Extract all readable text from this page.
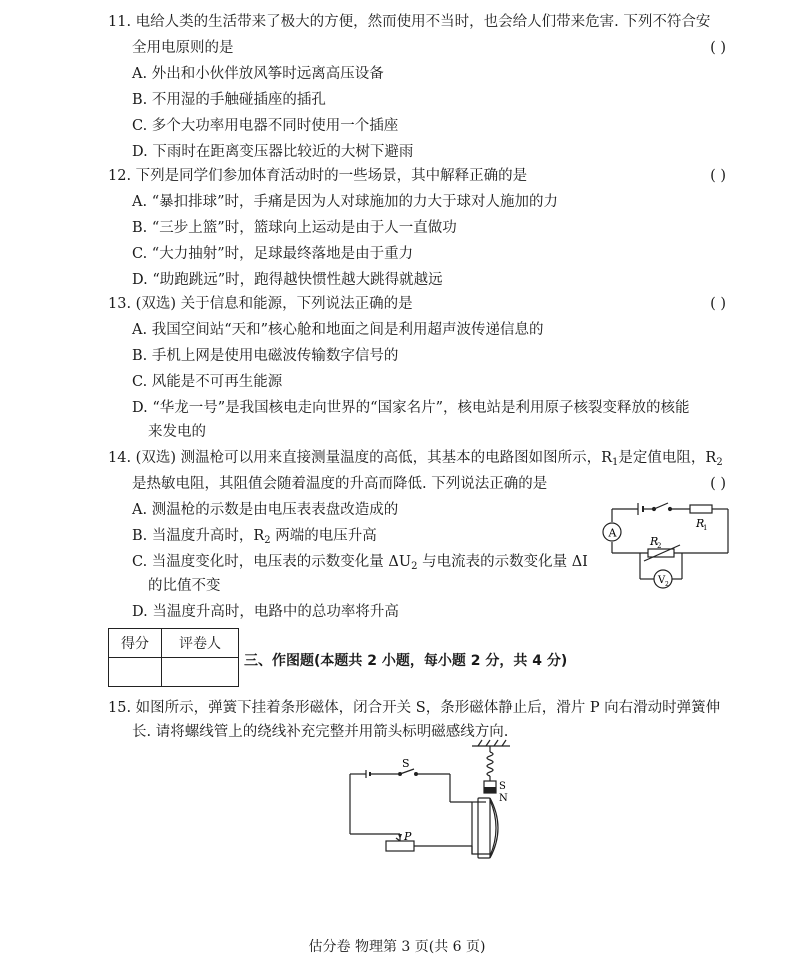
11. 电给人类的生活带来了极大的方便，然而使用不当时，也会给人们带来危害. 下列不符合安
全用电原则的是	( )
A. 外出和小伙伴放风筝时远离高压设备
B. 不用湿的手触碰插座的插孔
C. 多个大功率用电器不同时使用一个插座
D. 下雨时在距离变压器比较近的大树下避雨
12. 下列是同学们参加体育活动时的一些场景，其中解释正确的是	( )
A. “暴扣排球”时，手痛是因为人对球施加的力大于球对人施加的力
B. “三步上篮”时，篮球向上运动是由于人一直做功
C. “大力抽射”时，足球最终落地是由于重力
D. “助跑跳远”时，跑得越快惯性越大跳得就越远
13. (双选) 关于信息和能源，下列说法正确的是	( )
A. 我国空间站“天和”核心舱和地面之间是利用超声波传递信息的
B. 手机上网是使用电磁波传输数字信号的
C. 风能是不可再生能源
D. “华龙一号”是我国核电走向世界的“国家名片”，核电站是利用原子核裂变释放的核能
来发电的
14. (双选) 测温枪可以用来直接测量温度的高低，其基本的电路图如图所示，$R_1$是定值电阻，$R_2$
是热敏电阻，其阻值会随着温度的升高而降低. 下列说法正确的是	( )
A. 测温枪的示数是由电压表表盘改造成的
B. 当温度升高时，$R_2$ 两端的电压升高
C. 当温度变化时，电压表的示数变化量 $\Delta U_2$ 与电流表的示数变化量 ΔI
的比值不变
D. 当温度升高时，电路中的总功率将升高
A
V 2
R
1
R
2
得分	评卷人

三、作图题(本题共 2 小题，每小题 2 分，共 4 分)
15. 如图所示，弹簧下挂着条形磁体，闭合开关 S，条形磁体静止后，滑片 P 向右滑动时弹簧伸
长. 请将螺线管上的绕线补充完整并用箭头标明磁感线方向.
S
S
N
P
估分卷 物理第 3 页(共 6 页)
